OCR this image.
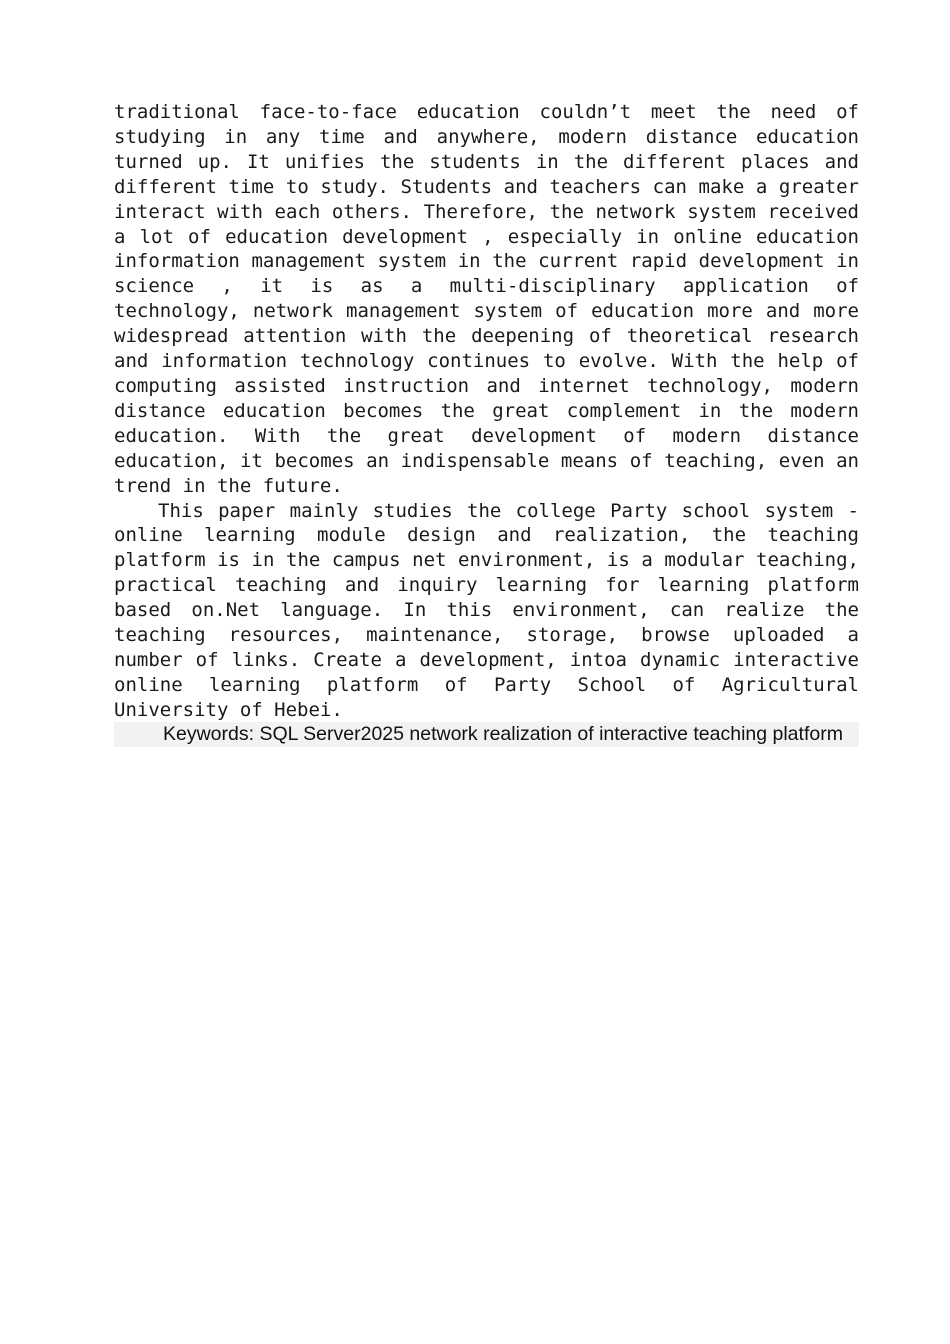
traditional face-to-face education couldn’t meet the need of studying in any time and anywhere, modern distance education turned up. It unifies the students in the different places and different time to study. Students and teachers can make a greater interact with each others. Therefore, the network system received a lot of education development , especially in online education information management system in the current rapid development in science , it is as a multi-disciplinary application of technology, network management system of education more and more widespread attention with the deepening of theoretical research and information technology continues to evolve. With the help of computing assisted instruction and internet technology, modern distance education becomes the great complement in the modern education. With the great development of modern distance education, it becomes an indispensable means of teaching, even an trend in the future.

This paper mainly studies the college Party school system - online learning module design and realization, the teaching platform is in the campus net environment, is a modular teaching, practical teaching and inquiry learning for learning platform based on.Net language. In this environment, can realize the teaching resources, maintenance, storage, browse uploaded a number of links. Create a development, intoa dynamic interactive online learning platform of Party School of Agricultural University of Hebei.

Keywords: SQL Server2025 network realization of interactive teaching platform
